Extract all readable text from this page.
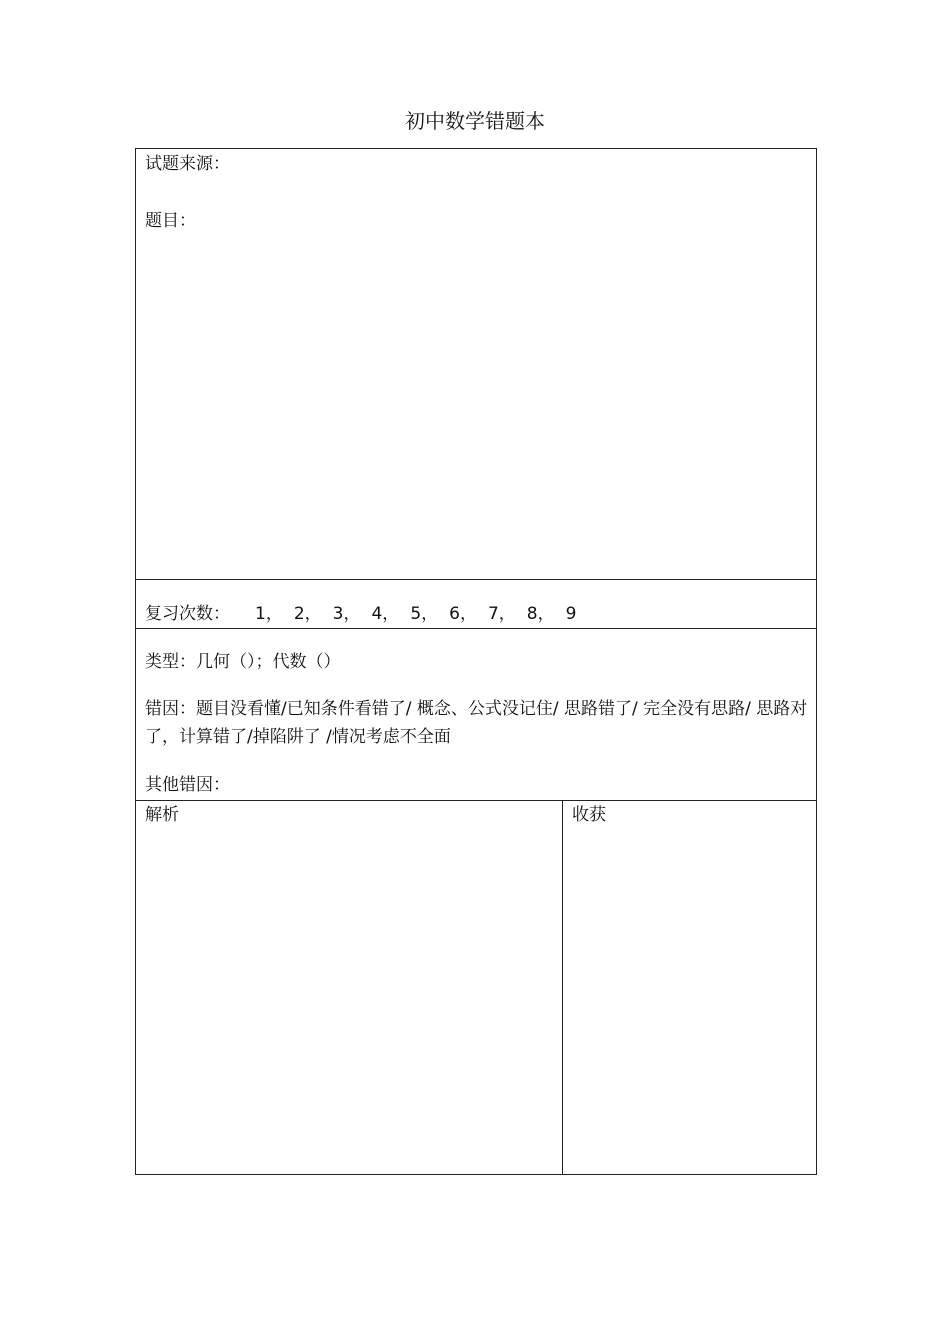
初中数学错题本
试题来源：
题目：
复习次数： 1， 2， 3， 4， 5， 6， 7， 8， 9
类型：几何（）；代数（）
错因：题目没看懂/已知条件看错了/ 概念、公式没记住/ 思路错了/ 完全没有思路/ 思路对了，计算错了/掉陷阱了 /情况考虑不全面
其他错因：
解析	收获
